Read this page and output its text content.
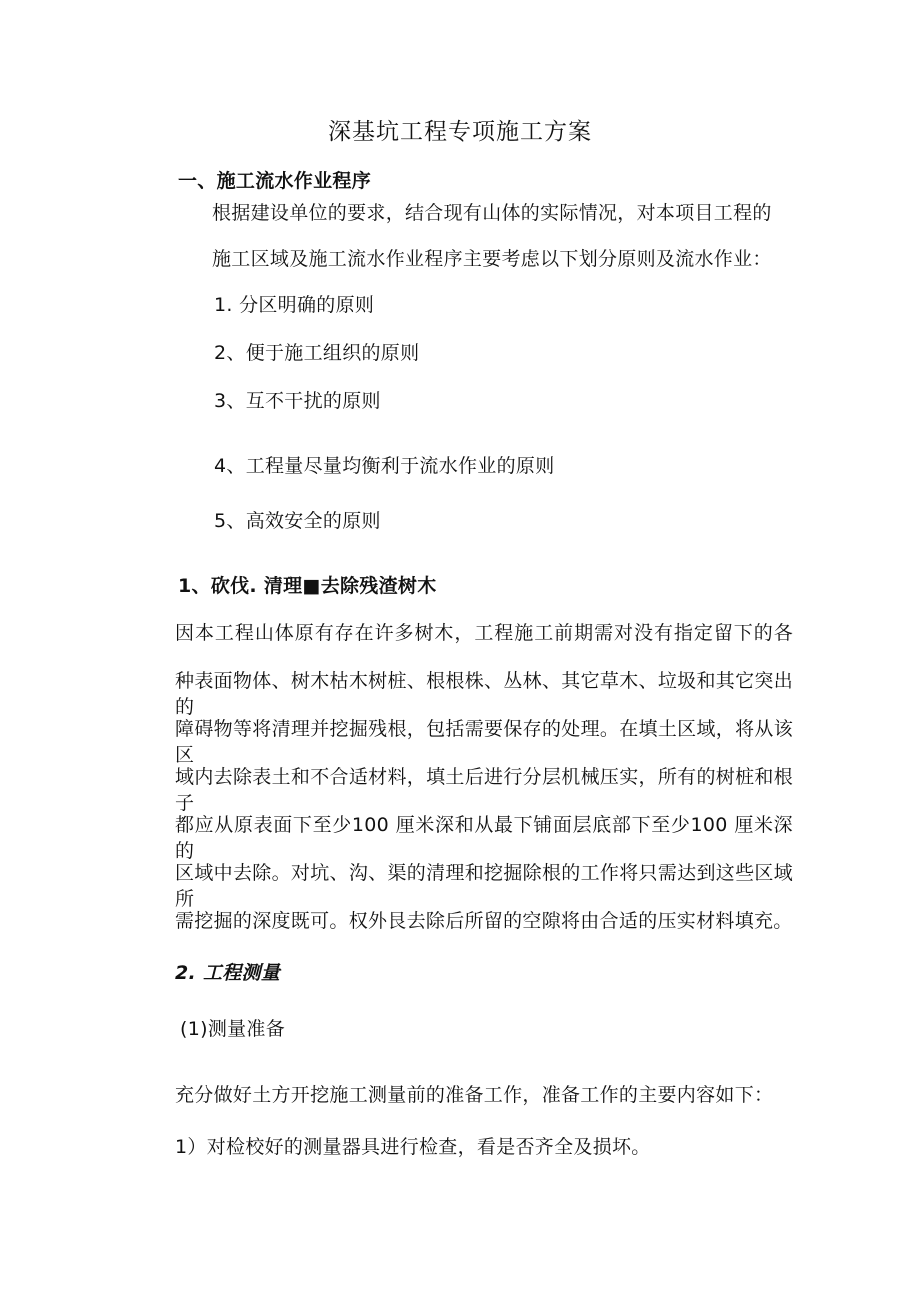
深基坑工程专项施工方案
一、施工流水作业程序
根据建设单位的要求，结合现有山体的实际情况，对本项目工程的
施工区域及施工流水作业程序主要考虑以下划分原则及流水作业：
1. 分区明确的原则
2、便于施工组织的原则
3、互不干扰的原则
4、工程量尽量均衡利于流水作业的原则
5、高效安全的原则
1、砍伐. 清理■去除残渣树木
因本工程山体原有存在许多树木，工程施工前期需对没有指定留下的各
种表面物体、树木枯木树桩、根根株、丛林、其它草木、垃圾和其它突出的
障碍物等将清理并挖掘残根，包括需要保存的处理。在填土区域，将从该区
域内去除表土和不合适材料，填土后进行分层机械压实，所有的树桩和根子
都应从原表面下至少100 厘米深和从最下铺面层底部下至少100 厘米深的
区域中去除。对坑、沟、渠的清理和挖掘除根的工作将只需达到这些区域所
需挖掘的深度既可。权外艮去除后所留的空隙将由合适的压实材料填充。
2. 工程测量
(1)测量准备
充分做好土方开挖施工测量前的准备工作，准备工作的主要内容如下：
1）对检校好的测量器具进行检查，看是否齐全及损坏。
